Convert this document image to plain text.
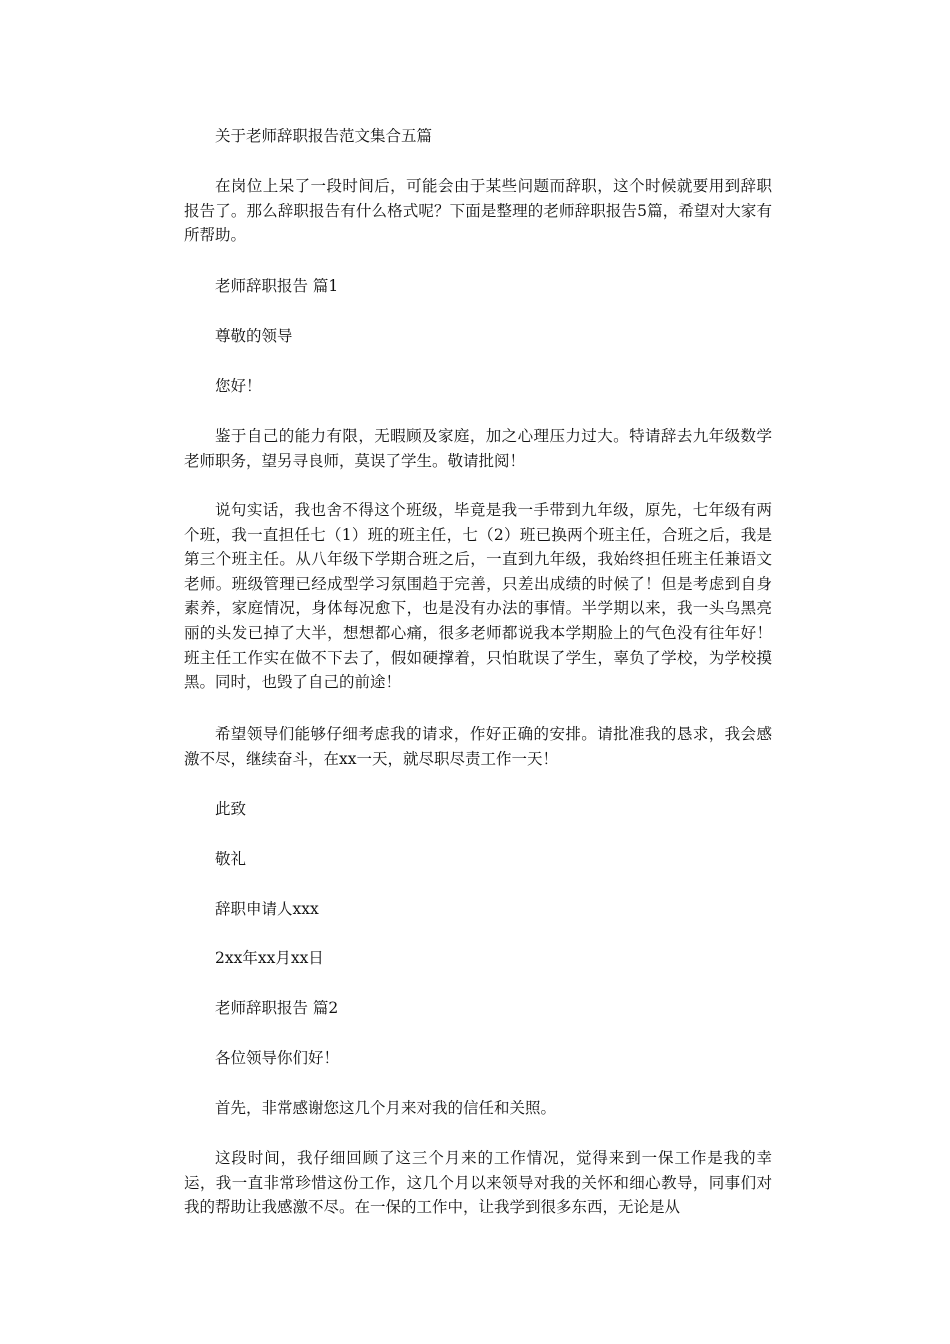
关于老师辞职报告范文集合五篇

在岗位上呆了一段时间后，可能会由于某些问题而辞职，这个时候就要用到辞职报告了。那么辞职报告有什么格式呢？下面是整理的老师辞职报告5篇，希望对大家有所帮助。

老师辞职报告 篇1

尊敬的领导

您好！

鉴于自己的能力有限，无暇顾及家庭，加之心理压力过大。特请辞去九年级数学老师职务，望另寻良师，莫误了学生。敬请批阅！

说句实话，我也舍不得这个班级，毕竟是我一手带到九年级，原先，七年级有两个班，我一直担任七（1）班的班主任，七（2）班已换两个班主任，合班之后，我是第三个班主任。从八年级下学期合班之后，一直到九年级，我始终担任班主任兼语文老师。班级管理已经成型学习氛围趋于完善，只差出成绩的时候了！但是考虑到自身素养，家庭情况，身体每况愈下，也是没有办法的事情。半学期以来，我一头乌黑亮丽的头发已掉了大半，想想都心痛，很多老师都说我本学期脸上的气色没有往年好！班主任工作实在做不下去了，假如硬撑着，只怕耽误了学生，辜负了学校，为学校摸黑。同时，也毁了自己的前途！

希望领导们能够仔细考虑我的请求，作好正确的安排。请批准我的恳求，我会感激不尽，继续奋斗，在xx一天，就尽职尽责工作一天！

此致

敬礼

辞职申请人xxx

2xx年xx月xx日

老师辞职报告 篇2

各位领导你们好！

首先，非常感谢您这几个月来对我的信任和关照。

这段时间，我仔细回顾了这三个月来的工作情况，觉得来到一保工作是我的幸运，我一直非常珍惜这份工作，这几个月以来领导对我的关怀和细心教导，同事们对我的帮助让我感激不尽。在一保的工作中，让我学到很多东西，无论是从
